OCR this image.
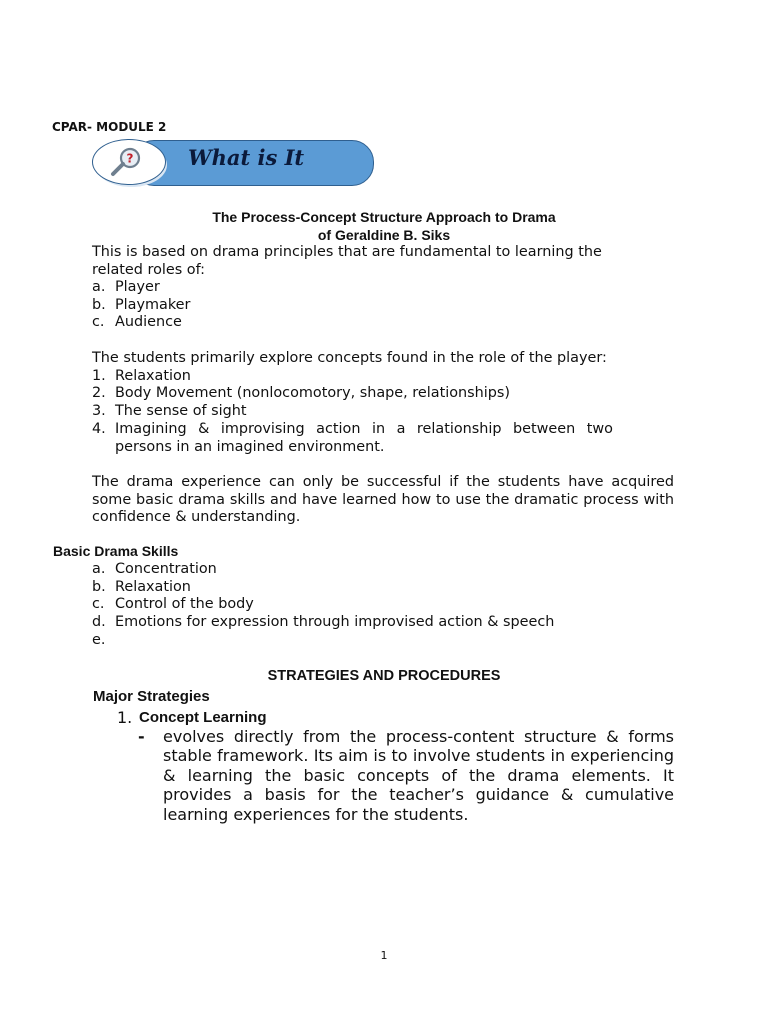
CPAR- MODULE 2
What is It
?
The Process-Concept Structure Approach to Drama
of Geraldine B. Siks
This is based on drama principles that are fundamental to learning the
related roles of:
a. Player
b. Playmaker
c. Audience
The students primarily explore concepts found in the role of the player:
1. Relaxation
2. Body Movement (nonlocomotory, shape, relationships)
3. The sense of sight
4. Imagining & improvising action in a relationship between two
persons in an imagined environment.
The drama experience can only be successful if the students have acquired some basic drama skills and have learned how to use the dramatic process with confidence & understanding.
Basic Drama Skills
a. Concentration
b. Relaxation
c. Control of the body
d. Emotions for expression through improvised action & speech
e.
STRATEGIES AND PROCEDURES
Major Strategies
1. Concept Learning
- evolves directly from the process-content structure & forms stable framework. Its aim is to involve students in experiencing & learning the basic concepts of the drama elements. It provides a basis for the teacher’s guidance & cumulative learning experiences for the students.
1
